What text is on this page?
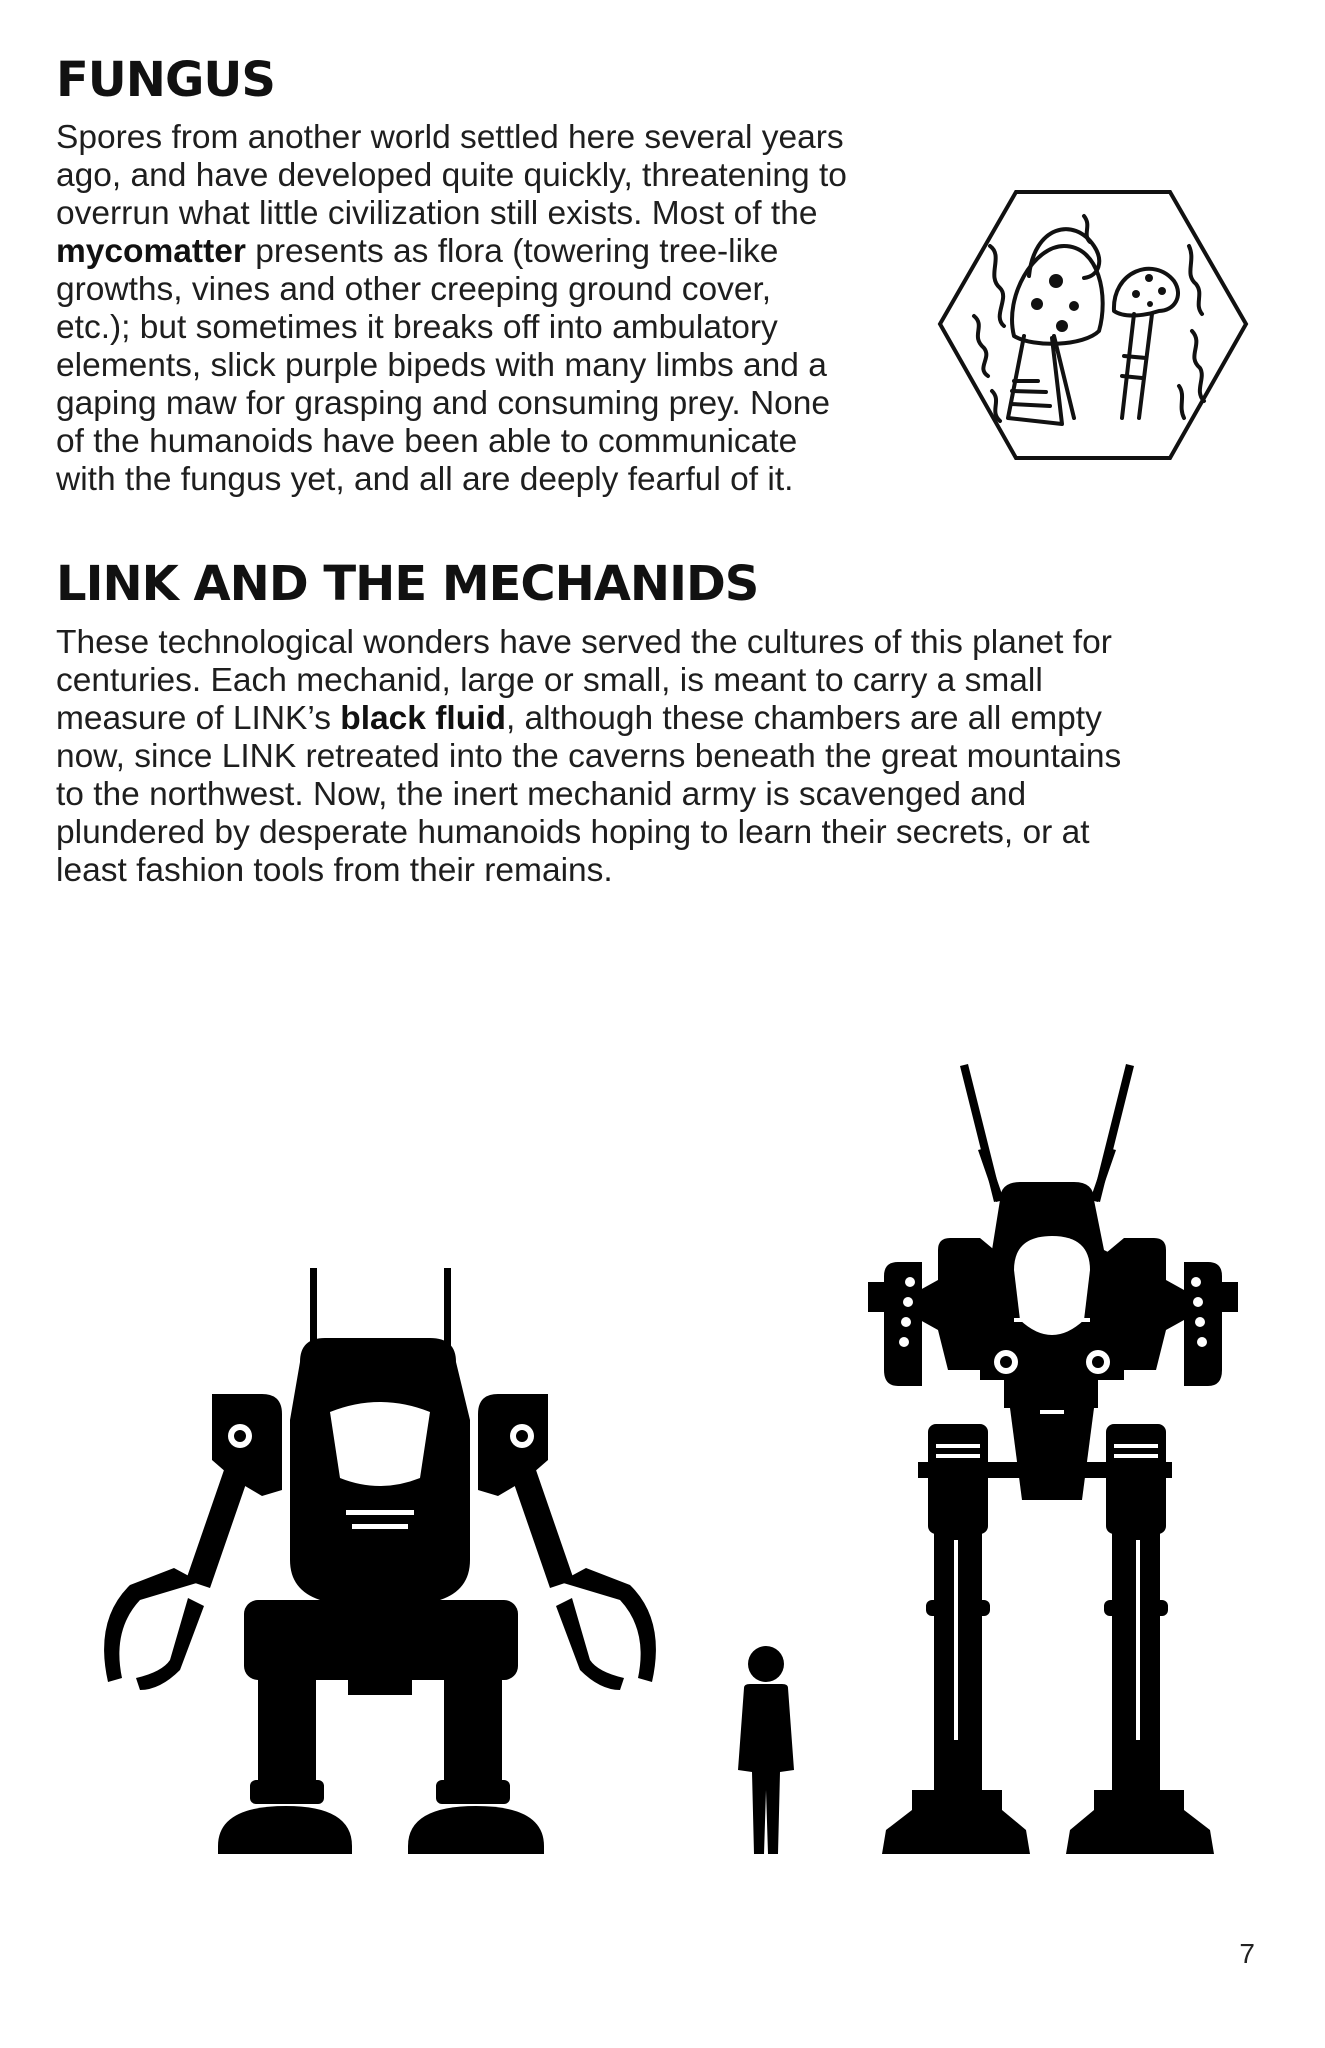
FUNGUS
Spores from another world settled here several years
ago, and have developed quite quickly, threatening to
overrun what little civilization still exists. Most of the
mycomatter presents as flora (towering tree-like
growths, vines and other creeping ground cover,
etc.); but sometimes it breaks off into ambulatory
elements, slick purple bipeds with many limbs and a
gaping maw for grasping and consuming prey. None
of the humanoids have been able to communicate
with the fungus yet, and all are deeply fearful of it.
LINK AND THE MECHANIDS
These technological wonders have served the cultures of this planet for
centuries. Each mechanid, large or small, is meant to carry a small
measure of LINK’s black fluid, although these chambers are all empty
now, since LINK retreated into the caverns beneath the great mountains
to the northwest. Now, the inert mechanid army is scavenged and
plundered by desperate humanoids hoping to learn their secrets, or at
least fashion tools from their remains.
7
